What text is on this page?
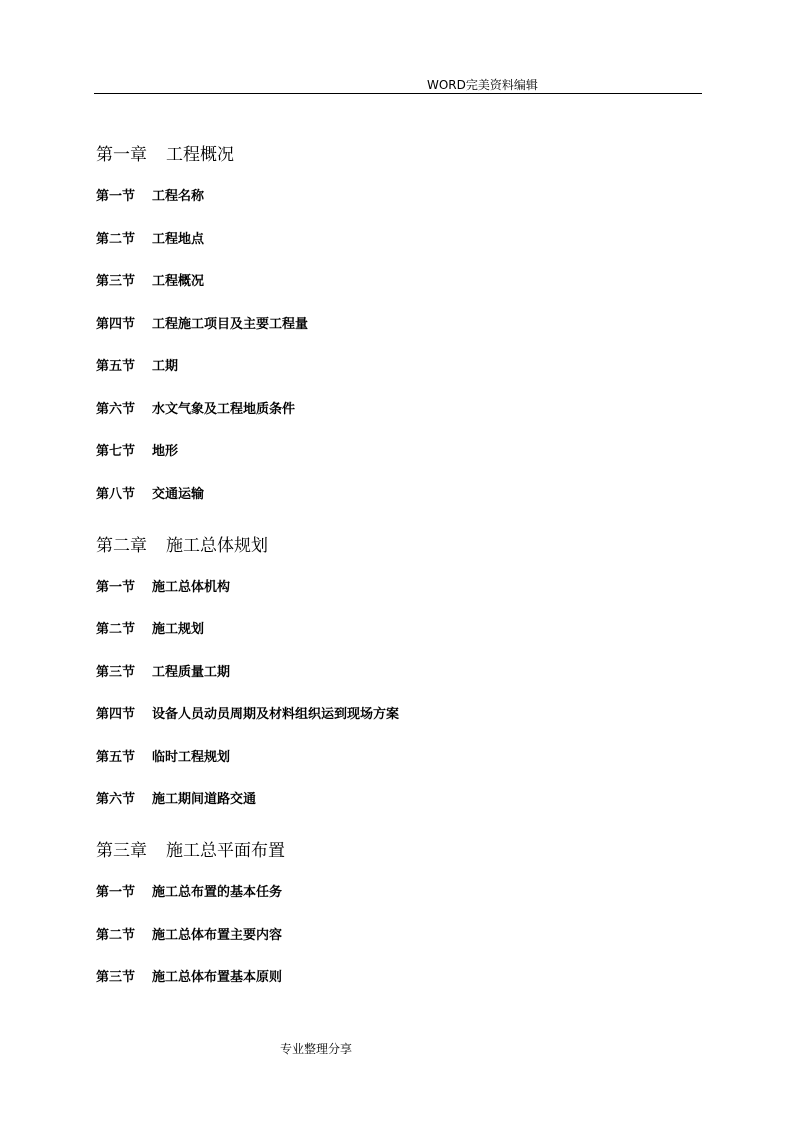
WORD完美资料编辑
第一章 工程概况
第一节 工程名称
第二节 工程地点
第三节 工程概况
第四节 工程施工项目及主要工程量
第五节 工期
第六节 水文气象及工程地质条件
第七节 地形
第八节 交通运输
第二章 施工总体规划
第一节 施工总体机构
第二节 施工规划
第三节 工程质量工期
第四节 设备人员动员周期及材料组织运到现场方案
第五节 临时工程规划
第六节 施工期间道路交通
第三章 施工总平面布置
第一节 施工总布置的基本任务
第二节 施工总体布置主要内容
第三节 施工总体布置基本原则
专业整理分享
